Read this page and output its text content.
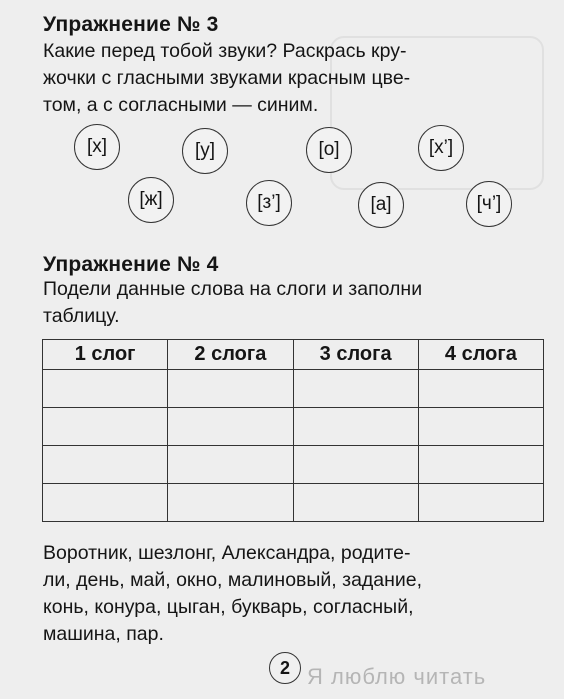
Упражнение № 3
Какие перед тобой звуки? Раскрась кру-
жочки с гласными звуками красным цве-
том, а с согласными — синим.
[х]	[у]	[о]	[х’]
[ж]	[з’]	[а]	[ч’]
Упражнение № 4
Подели данные слова на слоги и заполни
таблицу.
1 слог	2 слога	3 слога	4 слога

Воротник, шезлонг, Александра, родите-
ли, день, май, окно, малиновый, задание,
конь, конура, цыган, букварь, согласный,
машина, пар.
2 Я люблю читать
